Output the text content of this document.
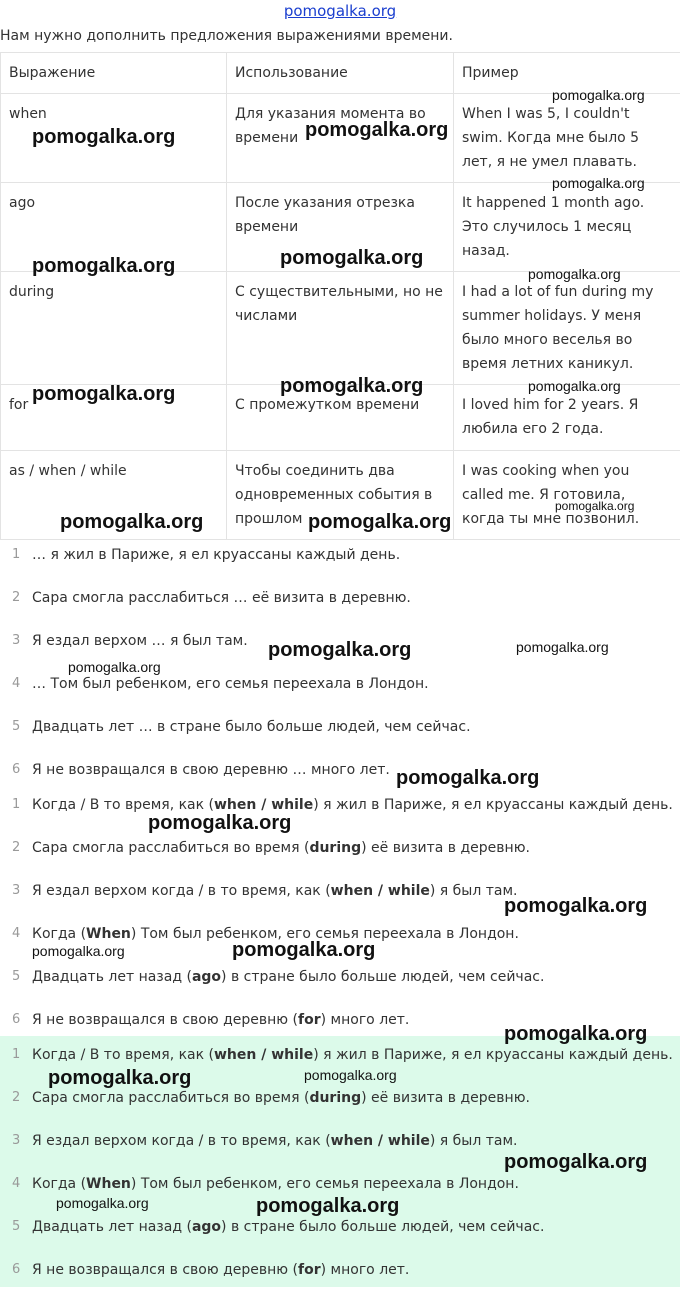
pomogalka.org
Нам нужно дополнить предложения выражениями времени.
Выражение	Использование	Пример
when	Для указания момента во времени	When I was 5, I couldn't swim. Когда мне было 5 лет, я не умел плавать.
ago	После указания отрезка времени	It happened 1 month ago. Это случилось 1 месяц назад.
during	С существительными, но не числами	I had a lot of fun during my summer holidays. У меня было много веселья во время летних каникул.
for	С промежутком времени	I loved him for 2 years. Я любила его 2 года.
as / when / while	Чтобы соединить два одновременных события в прошлом	I was cooking when you called me. Я готовила, когда ты мне позвонил.
1 … я жил в Париже, я ел круассаны каждый день.
2 Сара смогла расслабиться … её визита в деревню.
3 Я ездал верхом … я был там.
4 … Том был ребенком, его семья переехала в Лондон.
5 Двадцать лет … в стране было больше людей, чем сейчас.
6 Я не возвращался в свою деревню … много лет.
1 Когда / В то время, как (when / while) я жил в Париже, я ел круассаны каждый день.
2 Сара смогла расслабиться во время (during) её визита в деревню.
3 Я ездал верхом когда / в то время, как (when / while) я был там.
4 Когда (When) Том был ребенком, его семья переехала в Лондон.
5 Двадцать лет назад (ago) в стране было больше людей, чем сейчас.
6 Я не возвращался в свою деревню (for) много лет.
1 Когда / В то время, как (when / while) я жил в Париже, я ел круассаны каждый день.
2 Сара смогла расслабиться во время (during) её визита в деревню.
3 Я ездал верхом когда / в то время, как (when / while) я был там.
4 Когда (When) Том был ребенком, его семья переехала в Лондон.
5 Двадцать лет назад (ago) в стране было больше людей, чем сейчас.
6 Я не возвращался в свою деревню (for) много лет.
pomogalka.org	pomogalka.org
pomogalka.org
pomogalka.org
pomogalka.org	pomogalka.org
pomogalka.org
pomogalka.org	pomogalka.org	pomogalka.org
pomogalka.org	pomogalka.org
pomogalka.org
pomogalka.org	pomogalka.org
pomogalka.org
pomogalka.org
pomogalka.org
pomogalka.org
pomogalka.org	pomogalka.org
pomogalka.org
pomogalka.org	pomogalka.org
pomogalka.org
pomogalka.org	pomogalka.org
